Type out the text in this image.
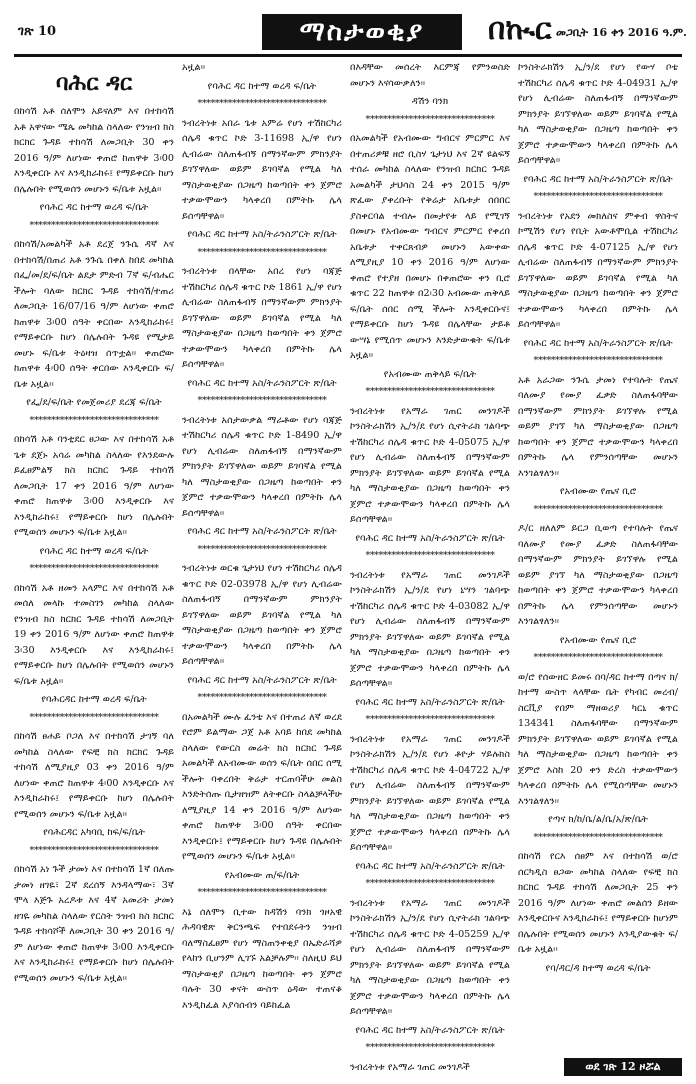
ገጽ 10	ማስታወቂያ	በኲር መጋቢት 16 ቀን 2016 ዓ.ም.
ባሕር ዳር
በከሳሽ አቶ ሰለሞን አይናለም እና በተከሳሽ አቶ አዋናው ሜጴ መካከል ስላለው የንዝብ ክስ ክርክር ጉዳይ ተከሳሽ ለመጋቢት 30 ቀን 2016 ዓ/ም ለሆነው ቀጠሮ ከጠዋቱ 3፡00 እንዲቀርቡ እና እንዲከራከሩ፤ የማይቀርቡ ከሆነ በሌሉበት የሚወሰን መሆኑን ፍ/ቤቱ አዟል፡፡
የባሕር ዳር ከተማ ወረዳ ፍ/ቤት
******************************
በከሳሽ/አመልካች አቶ ደረጀ ንጉሴ ዳኛ እና በተከሳሽ/በጠሪ አቶ ንጉሴ በቀለ ከበደ መካከል በፌ/መ/ደ/ፍ/ቤት ልደታ ምድብ 7ኛ ፍ/ብሔር ችሎት ባለው ክርክር ጉዳይ ተከሳሽ/ተጠሪ ለመጋቢት 16/07/16 ዓ/ም ለሆነው ቀጠሮ ከጠዋቱ 3፡00 ሰዓት ቀርበው እንዲከራከሩ፤ የማይቀርቡ ከሆነ በሌሉበት ጉዳዩ የሚታይ መሆኑ ፍ/ቤቱ ትዕዛዝ ሰጥቷል፡፡ ቀጠሮው ከጠዋቱ 4፡00 ሰዓት ቀርበው እንዲቀርቡ ፍ/ቤቱ አዟል፡፡
የፌ/ደ/ፍ/ቤት የመጀመሪያ ደረጃ ፍ/ቤት
******************************
በከሳሽ አቶ ባንቲደር ፀጋው እና በተከሳሽ አቶ ጌቱ ደጀኑ አሳሬ መካከል ስላለው የእንደውሉ ይፈፀምልኝ ክስ ክርክር ጉዳይ ተከሳሽ ለመጋቢት 17 ቀን 2016 ዓ/ም ለሆነው ቀጠሮ ከጠዋቱ 3፡00 እንዲቀርቡ እና እንዲከራከሩ፤ የማይቀርቡ ከሆነ በሌሉበት የሚወሰን መሆኑን ፍ/ቤቱ አዟል፡፡
የባሕር ዳር ከተማ ወረዳ ፍ/ቤት
******************************
በከሳሽ አቶ ዘመን አላምር እና በተከሳሽ አቶ መሰለ መላኩ ተመስገን መካከል ስላለው የንዝብ ክስ ክርክር ጉዳይ ተከሳሽ ለመጋቢት 19 ቀን 2016 ዓ/ም ለሆነው ቀጠሮ ከጠዋቱ 3፡30 እንዲቀርቡ እና እንዲከራከሩ፤ የማይቀርቡ ከሆነ በሌሉበት የሚወሰን መሆኑን ፍ/ቤቱ አዟል፡፡
የባሕርዳር ከተማ ወረዳ ፍ/ቤት
******************************
በከሳሽ ፀሐይ ቦጋለ እና በተከሳሽ ታገኝ ባለ መካከል ስላለው የፍቺ ክስ ክርክር ጉዳይ ተከሳሽ ለሚያዚያ 03 ቀን 2016 ዓ/ም ለሆነው ቀጠሮ ከጠዋቱ 4፡00 እንዲቀርቡ እና እንዲከራከሩ፤ የማይቀርቡ ከሆነ በሌሉበት የሚወሰን መሆኑን ፍ/ቤቱ አዟል፡፡
የባሕርዳር አካባቢ ከፍ/ፍ/ቤት
******************************
በከሳሽ አነ ጉች ታመነ እና በተከሳሽ 1ኛ በለጡ ታመነ ዘገዬ፣ 2ኛ ደረሰኝ እንዳላማው፣ 3ኛ ሞላ እጅጉ አረዶቱ እና 4ኛ አመሪት ታመነ ዘገዬ መካከል ስላለው የርስት ንዝብ ክስ ክርክር ጉዳይ ተከሳሾች ለመጋቢት 30 ቀን 2016 ዓ/ም ለሆነው ቀጠሮ ከጠዋቱ 3፡00 እንዲቀርቡ እና እንዲከራከሩ፤ የማይቀርቡ ከሆነ በሌሉበት የሚወሰን መሆኑን ፍ/ቤቱ አዟል፡፡
አዟል፡፡
የባሕር ዳር ከተማ ወረዳ ፍ/ቤት
******************************
ንብረትነቱ አበራ ጌቱ አምሬ የሆነ ተሽከርካሪ ሰሌዳ ቁጥር ኮድ 3-11698 ኢ/ዋ የሆነ ሊብሬው ስለጠፋብኝ በማንኛውም ምክንያት ይገኘዋለው ወይም ይገባኛል የሚል ካለ ማስታወቂያው በጋዜጣ ከወጣበት ቀን ጀምሮ ተቃውሞውን ካላቀረበ በምትኩ ሌላ ይሰጣቸዋል፡፡
የባሕር ዳር ከተማ አስ/ትራንስፖርት ጽ/ቤት
******************************
ንብረትነቱ በላቸው አበረ የሆነ ባጃጅ ተሽከርካሪ ሰሌዳ ቁጥር ኮድ 1861 ኢ/ዋ የሆነ ሊብሬው ስለጠፋብኝ በማንኛውም ምክንያት ይገኘዋለው ወይም ይገባኛል የሚል ካለ ማስታወቂያው በጋዜጣ ከወጣበት ቀን ጀምሮ ተቃውሞውን ካላቀረበ በምትኩ ሌላ ይሰጣቸዋል፡፡
የባሕር ዳር ከተማ አስ/ትራንስፖርት ጽ/ቤት
******************************
ንብረትነቱ አሰታውቃል ማራቶው የሆነ ባጃጅ ተሽከርካሪ ሰሌዳ ቁጥር ኮድ 1-8490 ኢ/ዋ የሆነ ሊብሬው ስለጠፋብኝ በማንኛውም ምክንያት ይገኘዋለው ወይም ይገባኛል የሚል ካለ ማስታወቂያው በጋዜጣ ከወጣበት ቀን ጀምሮ ተቃውሞውን ካላቀረበ በምትኩ ሌላ ይሰጣቸዋል፡፡
የባሕር ዳር ከተማ አስ/ትራንስፖርት ጽ/ቤት
******************************
ንብረትነቱ ወርቁ ጌታነህ የሆነ ተሽከርካሪ ሰሌዳ ቁጥር ኮድ 02-03978 ኢ/ዋ የሆነ ሊብሬው ስለጠፋብኝ በማንኛውም ምክንያት ይገኘዋለው ወይም ይገባኛል የሚል ካለ ማስታወቂያው በጋዜጣ ከወጣበት ቀን ጀምሮ ተቃውሞውን ካላቀረበ በምትኩ ሌላ ይሰጣቸዋል፡፡
የባሕር ዳር ከተማ አስ/ትራንስፖርት ጽ/ቤት
******************************
በአመልካች ሙሉ ፈንቴ እና በተጠሪ ለኛ ወረደ የሮም ይልማው ጋጀ አቶ አባይ ከበደ መካከል ስላለው የውርስ መሬት ክስ ክርክር ጉዳይ አመልካች ለአብሙው ወሰን ፍ/ቤት ሰበር ሰሚ ችሎት ባቀረበት ቅሬታ ተርጠባችሁ መልስ እንድትሰጡ ቢታዘዝም ለትቀርቡ ስላልቻላችሁ ለሚያዚያ 14 ቀን 2016 ዓ/ም ለሆነው ቀጠሮ ከጠዋቱ 3፡00 ሰዓት ቀርበው እንዲቀርቡ፤ የማይቀርቡ ከሆነ ጉዳዩ በሌሉበት የሚወሰን መሆኑን ፍ/ቤቱ አዟል፡፡
የአብሙው ጠ/ፍ/ቤት
******************************
እኔ ሰለሞን ቢተው ከዳሽን ባንክ ጎዞአዊ ሕዳባዊጽ ቅርንጫፍ የተበደሩትን ንዝብ ባለማስፈፀም የሆነ ማስጠንቀቂያ በኤድራሻዎ የላከን ቢሆንም ሊገኙ አልቻሉም፡፡ ስለዚህ ይህ ማስታወቂያ በጋዜጣ ከወጣበት ቀን ጀምሮ ባሉት 30 ቀናት ውስጥ ዕዳው ተጠናቆ እንዲከፈል እያሳሰብን ባይከፈል
በእዳቸው መሰረት እርምጃ የምንወስድ መሆኑን እናሳውቃለን፡፡
ዳሽን ባንክ
******************************
በአመልካች የአብሙው ግብርና ምርምር እና በተጠሪዎቹ ዘሮ ቢስሃ ጌታነህ እና 2ኛ ዩልፍኝ ተሰራ መካከል ስላለው የንዝብ ክርክር ጉዳይ አመልካች ታህሳስ 24 ቀን 2015 ዓ/ም ጽፈው ያቀረቡት የቅሬታ አቤቱታ ሰበበር ያስቀርባል ተብሎ በመታየቱ ላይ የሚገኝ በመሆኑ የአብሙው ግብርና ምርምር የቀረበ አቤቱታ ተቀርጸብዎ መሆኑን አውቀው ለሚያዚያ 10 ቀን 2016 ዓ/ም ለሆነው ቀጠሮ የተያዘ በመሆኑ በቀጠሮው ቀን ቢሮ ቁጥር 22 ከጠዋቱ በ2፡30 አብሙው ጠቅላይ ፍ/ቤት ሰበር ሰሚ ችሎት እንዲቀርቡና፤ የማይቀርቡ ከሆነ ጉዳዩ በሌላቸው ታይቶ ውሣኔ የሚሰጥ መሆኑን እንድታውቁት ፍ/ቤቱ አዟል፡፡
የአብሙው ጠቅላይ ፍ/ቤት
******************************
ንብረትነቱ የአማራ ገጠር መንገዶች ኮንስትራክሽን ኢ/ን/ደ የሆነ ሲኖትራክ ገልባጭ ተሽከርካሪ ሰሌዳ ቁጥር ኮድ 4-05075 ኢ/ዋ የሆነ ሊብሬው ስለጠፋብኝ በማንኛውም ምክንያት ይገኘዋለው ወይም ይገባኛል የሚል ካለ ማስታወቂያው በጋዜጣ ከወጣበት ቀን ጀምሮ ተቃውሞውን ካላቀረበ በምትኩ ሌላ ይሰጣቸዋል፡፡
የባሕር ዳር ከተማ አስ/ትራንስፖርት ጽ/ቤት
******************************
ንብረትነቱ የአማራ ገጠር መንገዶች ኮንስትራክሽን ኢ/ን/ደ የሆነ ኒሣን ገልባጭ ተሽከርካሪ ሰሌዳ ቁጥር ኮድ 4-03082 ኢ/ዋ የሆነ ሊብሬው ስለጠፋብኝ በማንኛውም ምክንያት ይገኘዋለው ወይም ይገባኛል የሚል ካለ ማስታወቂያው በጋዜጣ ከወጣበት ቀን ጀምሮ ተቃውሞውን ካላቀረበ በምትኩ ሌላ ይሰጣቸዋል፡፡
የባሕር ዳር ከተማ አስ/ትራንስፖርት ጽ/ቤት
******************************
ንብረትነቱ የአማራ ገጠር መንገዶች ኮንስትራክሽን ኢ/ን/ደ የሆነ ቶዮታ ሃይሉክስ ተሽከርካሪ ሰሌዳ ቁጥር ኮድ 4-04722 ኢ/ዋ የሆነ ሊብሬው ስለጠፋብኝ በማንኛውም ምክንያት ይገኘዋለው ወይም ይገባኛል የሚል ካለ ማስታወቂያው በጋዜጣ ከወጣበት ቀን ጀምሮ ተቃውሞውን ካላቀረበ በምትኩ ሌላ ይሰጣቸዋል፡፡
የባሕር ዳር ከተማ አስ/ትራንስፖርት ጽ/ቤት
******************************
ንብረትነቱ የአማራ ገጠር መንገዶች ኮንስትራክሽን ኢ/ን/ደ የሆነ ሲኖትራክ ገልባጭ ተሽከርካሪ ሰሌዳ ቁጥር ኮድ 4-05259 ኢ/ዋ የሆነ ሊብሬው ስለጠፋብኝ በማንኛውም ምክንያት ይገኘዋለው ወይም ይገባኛል የሚል ካለ ማስታወቂያው በጋዜጣ ከወጣበት ቀን ጀምሮ ተቃውሞውን ካላቀረበ በምትኩ ሌላ ይሰጣቸዋል፡፡
የባሕር ዳር ከተማ አስ/ትራንስፖርት ጽ/ቤት
******************************
ንብረትነቱ የአማራ ገጠር መንገዶች
ኮንስትራክሽን ኢ/ን/ደ የሆነ የውሃ ቦቴ ተሽከርካሪ ሰሌዳ ቁጥር ኮድ 4-04931 ኢ/ዋ የሆነ ሊብሬው ስለጠፋብኝ በማንኛውም ምክንያት ይገኘዋለው ወይም ይገባኛል የሚል ካለ ማስታወቂያው በጋዜጣ ከወጣበት ቀን ጀምሮ ተቃውሞውን ካላቀረበ በምትኩ ሌላ ይሰጣቸዋል፡፡
የባሕር ዳር ከተማ አስ/ትራንስፖርት ጽ/ቤት
******************************
ንብረትነቱ የአደን መክለስና ምቀብ ዋስትና ኮሚሽን የሆነ የቢት አውቶሞቢል ተሽከርካሪ ሰሌዳ ቁጥር ኮድ 4-07125 ኢ/ዋ የሆነ ሊብሬው ስለጠፋብኝ በማንኛውም ምክንያት ይገኘዋለው ወይም ይገባኛል የሚል ካለ ማስታወቂያው በጋዜጣ ከወጣበት ቀን ጀምሮ ተቃውሞውን ካላቀረበ በምትኩ ሌላ ይሰጣቸዋል፡፡
የባሕር ዳር ከተማ አስ/ትራንስፖርት ጽ/ቤት
******************************
አቶ አራጋው ንጉሴ ታመነ የተባሉት የጤና ባለሙያ የሙያ ፈቃድ ስለጠፋባቸው በማንኛውም ምክንያት ይገኘዋሉ የሚል ወይም ያገኘ ካለ ማስታወቂያው በጋዜጣ ከወጣበት ቀን ጀምሮ ተቃውሞውን ካላቀረበ በምትኩ ሌላ የምንሰጣቸው መሆኑን እንገልፃለን፡፡
የአብሙው የጤና ቢሮ
******************************
ዶ/ር ዘለለም ይርጋ ቢወጣ የተባሉት የጤና ባለሙያ የሙያ ፈቃድ ስለጠፋባቸው በማንኛውም ምክንያት ይገኘዋሉ የሚል ወይም ያገኘ ካለ ማስታወቂያው በጋዜጣ ከወጣበት ቀን ጀምሮ ተቃውሞውን ካላቀረበ በምትኩ ሌላ የምንሰጣቸው መሆኑን እንገልፃለን፡፡
የአብሙው የጤና ቢሮ
******************************
ወ/ሮ የሰውዘር ይመሩ በባ/ዳር ከተማ በጣና ክ/ከተማ ውስጥ ላላቸው ቤት የካብር መረብ/ስርቪያ የበም ማዘወሪያ ካርኒ ቁጥር 134341 ስለጠፋባቸው በማንኛውም ምክንያት ይገኘዋለው ወይም ይገባኛል የሚል ካለ ማስታወቂያው በጋዜጣ ከወጣበት ቀን ጀምሮ እስከ 20 ቀን ድረስ ተቃውሞውን ካላቀረበ በምትኩ ሌላ የሚሰጣቸው መሆኑን እንገልፃለን፡፡
የጣና ክ/ከ/ቤ/ል/ቤ/አ/ጽ/ቤት
******************************
በከሳሽ የርእ ሰፀም እና በተከሳሽ ወ/ሮ ሰርካዲስ ፀጋው መካከል ስላለው የፍቺ ክስ ክርክር ጉዳይ ተከሳሽ ለመጋቢት 25 ቀን 2016 ዓ/ም ለሆነው ቀጠሮ መልሰን ይዘው እንዲቀርቡና እንዲከራከሩ፤ የማይቀርቡ ከሆነም በሌሉበት የሚወሰን መሆኑን እንዲያውቁት ፍ/ቤቱ አዟል፡፡
የባ/ዳር/ዳ ከተማ ወረዳ ፍ/ቤት
ወደ ገጽ 12 ዞሯል
